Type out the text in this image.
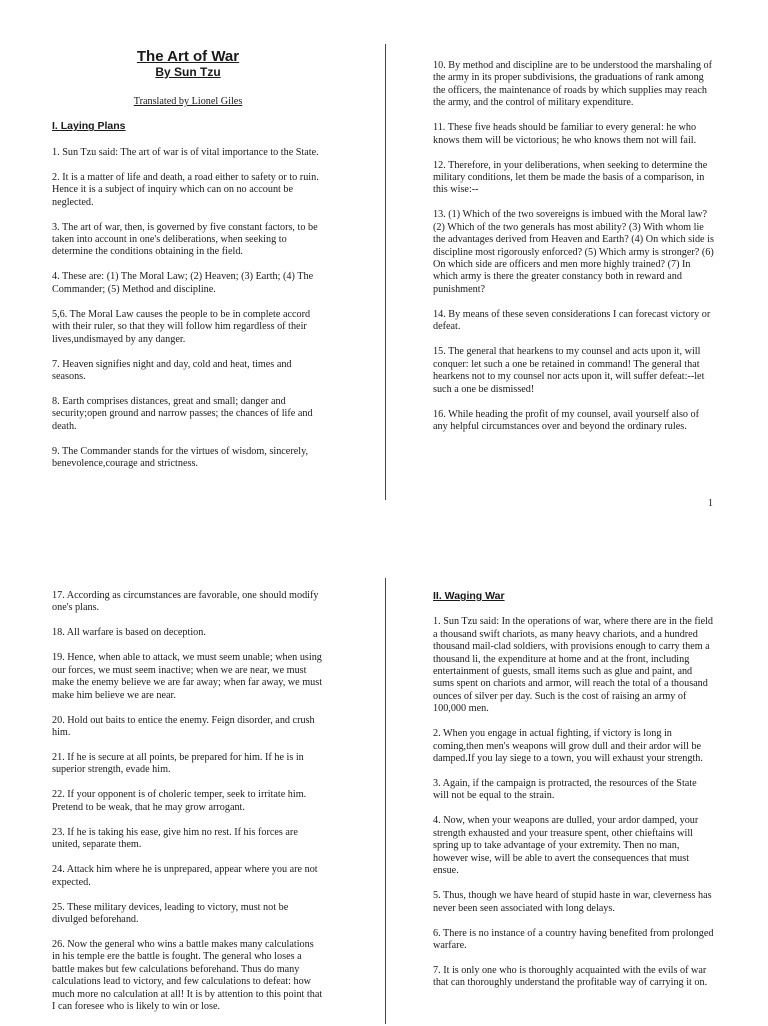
The Art of War

By Sun Tzu

Translated by Lionel Giles

I. Laying Plans

1. Sun Tzu said: The art of war is of vital importance to the State.

2. It is a matter of life and death, a road either to safety or to ruin. Hence it is a subject of inquiry which can on no account be neglected.

3. The art of war, then, is governed by five constant factors, to be taken into account in one's deliberations, when seeking to determine the conditions obtaining in the field.

4. These are: (1) The Moral Law; (2) Heaven; (3) Earth; (4) The Commander; (5) Method and discipline.

5,6. The Moral Law causes the people to be in complete accord with their ruler, so that they will follow him regardless of their lives,undismayed by any danger.

7. Heaven signifies night and day, cold and heat, times and seasons.

8. Earth comprises distances, great and small; danger and security;open ground and narrow passes; the chances of life and death.

9. The Commander stands for the virtues of wisdom, sincerely, benevolence,courage and strictness.

10. By method and discipline are to be understood the marshaling of the army in its proper subdivisions, the graduations of rank among the officers, the maintenance of roads by which supplies may reach the army, and the control of military expenditure.

11. These five heads should be familiar to every general: he who knows them will be victorious; he who knows them not will fail.

12. Therefore, in your deliberations, when seeking to determine the military conditions, let them be made the basis of a comparison, in this wise:--

13. (1) Which of the two sovereigns is imbued with the Moral law? (2) Which of the two generals has most ability? (3) With whom lie the advantages derived from Heaven and Earth? (4) On which side is discipline most rigorously enforced? (5) Which army is stronger? (6) On which side are officers and men more highly trained? (7) In which army is there the greater constancy both in reward and punishment?

14. By means of these seven considerations I can forecast victory or defeat.

15. The general that hearkens to my counsel and acts upon it, will conquer: let such a one be retained in command! The general that hearkens not to my counsel nor acts upon it, will suffer defeat:--let such a one be dismissed!

16. While heading the profit of my counsel, avail yourself also of any helpful circumstances over and beyond the ordinary rules.

1

17. According as circumstances are favorable, one should modify one's plans.

18. All warfare is based on deception.

19. Hence, when able to attack, we must seem unable; when using our forces, we must seem inactive; when we are near, we must make the enemy believe we are far away; when far away, we must make him believe we are near.

20. Hold out baits to entice the enemy. Feign disorder, and crush him.

21. If he is secure at all points, be prepared for him. If he is in superior strength, evade him.

22. If your opponent is of choleric temper, seek to irritate him. Pretend to be weak, that he may grow arrogant.

23. If he is taking his ease, give him no rest. If his forces are united, separate them.

24. Attack him where he is unprepared, appear where you are not expected.

25. These military devices, leading to victory, must not be divulged beforehand.

26. Now the general who wins a battle makes many calculations in his temple ere the battle is fought. The general who loses a battle makes but few calculations beforehand. Thus do many calculations lead to victory, and few calculations to defeat: how much more no calculation at all! It is by attention to this point that I can foresee who is likely to win or lose.

II. Waging War

1. Sun Tzu said: In the operations of war, where there are in the field a thousand swift chariots, as many heavy chariots, and a hundred thousand mail-clad soldiers, with provisions enough to carry them a thousand li, the expenditure at home and at the front, including entertainment of guests, small items such as glue and paint, and sums spent on chariots and armor, will reach the total of a thousand ounces of silver per day. Such is the cost of raising an army of 100,000 men.

2. When you engage in actual fighting, if victory is long in coming,then men's weapons will grow dull and their ardor will be damped.If you lay siege to a town, you will exhaust your strength.

3. Again, if the campaign is protracted, the resources of the State will not be equal to the strain.

4. Now, when your weapons are dulled, your ardor damped, your strength exhausted and your treasure spent, other chieftains will spring up to take advantage of your extremity. Then no man, however wise, will be able to avert the consequences that must ensue.

5. Thus, though we have heard of stupid haste in war, cleverness has never been seen associated with long delays.

6. There is no instance of a country having benefited from prolonged warfare.

7. It is only one who is thoroughly acquainted with the evils of war that can thoroughly understand the profitable way of carrying it on.
